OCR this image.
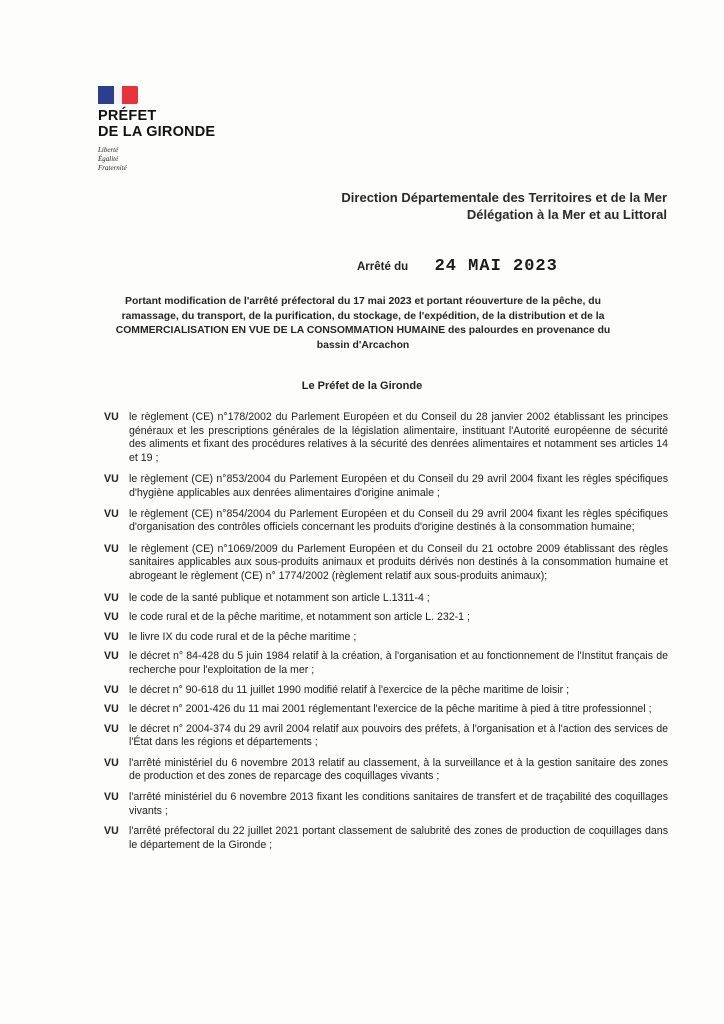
PRÉFET
DE LA GIRONDE
Liberté
Égalité
Fraternité
Direction Départementale des Territoires et de la Mer
Délégation à la Mer et au Littoral
Arrêté du 24 MAI 2023
Portant modification de l'arrêté préfectoral du 17 mai 2023 et portant réouverture de la pêche, du ramassage, du transport, de la purification, du stockage, de l'expédition, de la distribution et de la COMMERCIALISATION EN VUE DE LA CONSOMMATION HUMAINE des palourdes en provenance du bassin d'Arcachon
Le Préfet de la Gironde
VU le règlement (CE) n°178/2002 du Parlement Européen et du Conseil du 28 janvier 2002 établissant les principes généraux et les prescriptions générales de la législation alimentaire, instituant l'Autorité européenne de sécurité des aliments et fixant des procédures relatives à la sécurité des denrées alimentaires et notamment ses articles 14 et 19 ;
VU le règlement (CE) n°853/2004 du Parlement Européen et du Conseil du 29 avril 2004 fixant les règles spécifiques d'hygiène applicables aux denrées alimentaires d'origine animale ;
VU le règlement (CE) n°854/2004 du Parlement Européen et du Conseil du 29 avril 2004 fixant les règles spécifiques d'organisation des contrôles officiels concernant les produits d'origine destinés à la consommation humaine;
VU le règlement (CE) n°1069/2009 du Parlement Européen et du Conseil du 21 octobre 2009 établissant des règles sanitaires applicables aux sous-produits animaux et produits dérivés non destinés à la consommation humaine et abrogeant le règlement (CE) n° 1774/2002 (règlement relatif aux sous-produits animaux);
VU le code de la santé publique et notamment son article L.1311-4 ;
VU le code rural et de la pêche maritime, et notamment son article L. 232-1 ;
VU le livre IX du code rural et de la pêche maritime ;
VU le décret n° 84-428 du 5 juin 1984 relatif à la création, à l'organisation et au fonctionnement de l'Institut français de recherche pour l'exploitation de la mer ;
VU le décret n° 90-618 du 11 juillet 1990 modifié relatif à l'exercice de la pêche maritime de loisir ;
VU le décret n° 2001-426 du 11 mai 2001 réglementant l'exercice de la pêche maritime à pied à titre professionnel ;
VU le décret n° 2004-374 du 29 avril 2004 relatif aux pouvoirs des préfets, à l'organisation et à l'action des services de l'État dans les régions et départements ;
VU l'arrêté ministériel du 6 novembre 2013 relatif au classement, à la surveillance et à la gestion sanitaire des zones de production et des zones de reparcage des coquillages vivants ;
VU l'arrêté ministériel du 6 novembre 2013 fixant les conditions sanitaires de transfert et de traçabilité des coquillages vivants ;
VU l'arrêté préfectoral du 22 juillet 2021 portant classement de salubrité des zones de production de coquillages dans le département de la Gironde ;
